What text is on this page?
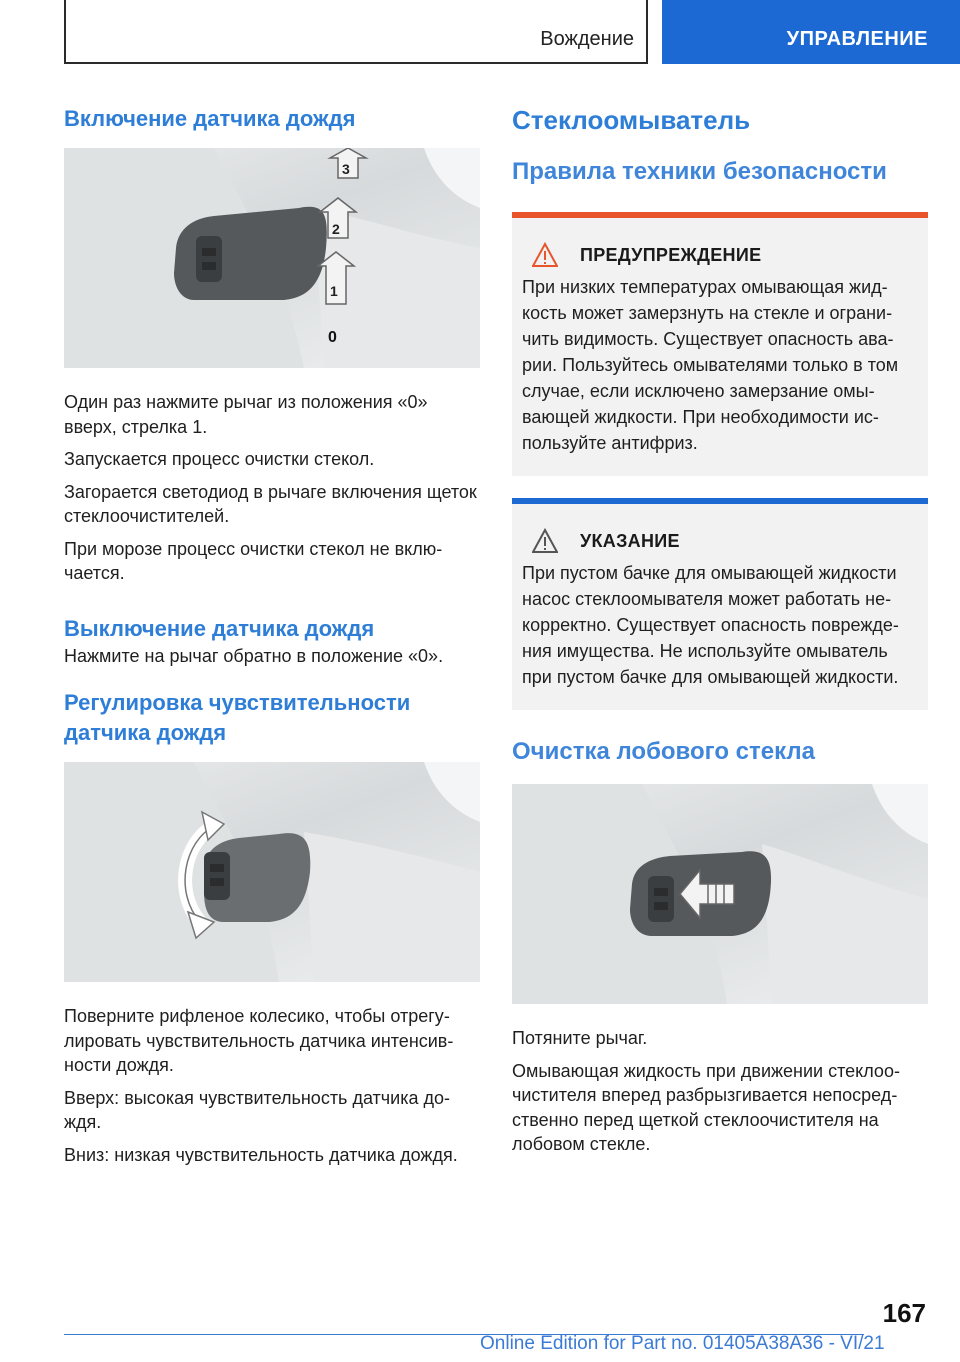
Вождение	УПРАВЛЕНИЕ
Включение датчика дождя
3
2
1
0

Один раз нажмите рычаг из положения «0» вверх, стрелка 1.

Запускается процесс очистки стекол.

Загорается светодиод в рычаге включения щеток стеклоочистителей.

При морозе процесс очистки стекол не включается.

Выключение датчика дождя

Нажмите на рычаг обратно в положение «0».

Регулировка чувствительности
датчика дождя

Поверните рифленое колесико, чтобы отрегулировать чувствительность датчика интенсивности дождя.

Вверх: высокая чувствительность датчика дождя.

Вниз: низкая чувствительность датчика дождя.

Стеклоомыватель
Правила техники безопасности
ПРЕДУПРЕЖДЕНИЕ
При низких температурах омывающая жидкость может замерзнуть на стекле и ограничить видимость. Существует опасность аварии. Пользуйтесь омывателями только в том случае, если исключено замерзание омывающей жидкости. При необходимости используйте антифриз.
УКАЗАНИЕ
При пустом бачке для омывающей жидкости насос стеклоомывателя может работать некорректно. Существует опасность повреждения имущества. Не используйте омыватель при пустом бачке для омывающей жидкости.
Очистка лобового стекла

Потяните рычаг.

Омывающая жидкость при движении стеклоочистителя вперед разбрызгивается непосредственно перед щеткой стеклоочистителя на лобовом стекле.

167
Online Edition for Part no. 01405A38A36 - VI/21
